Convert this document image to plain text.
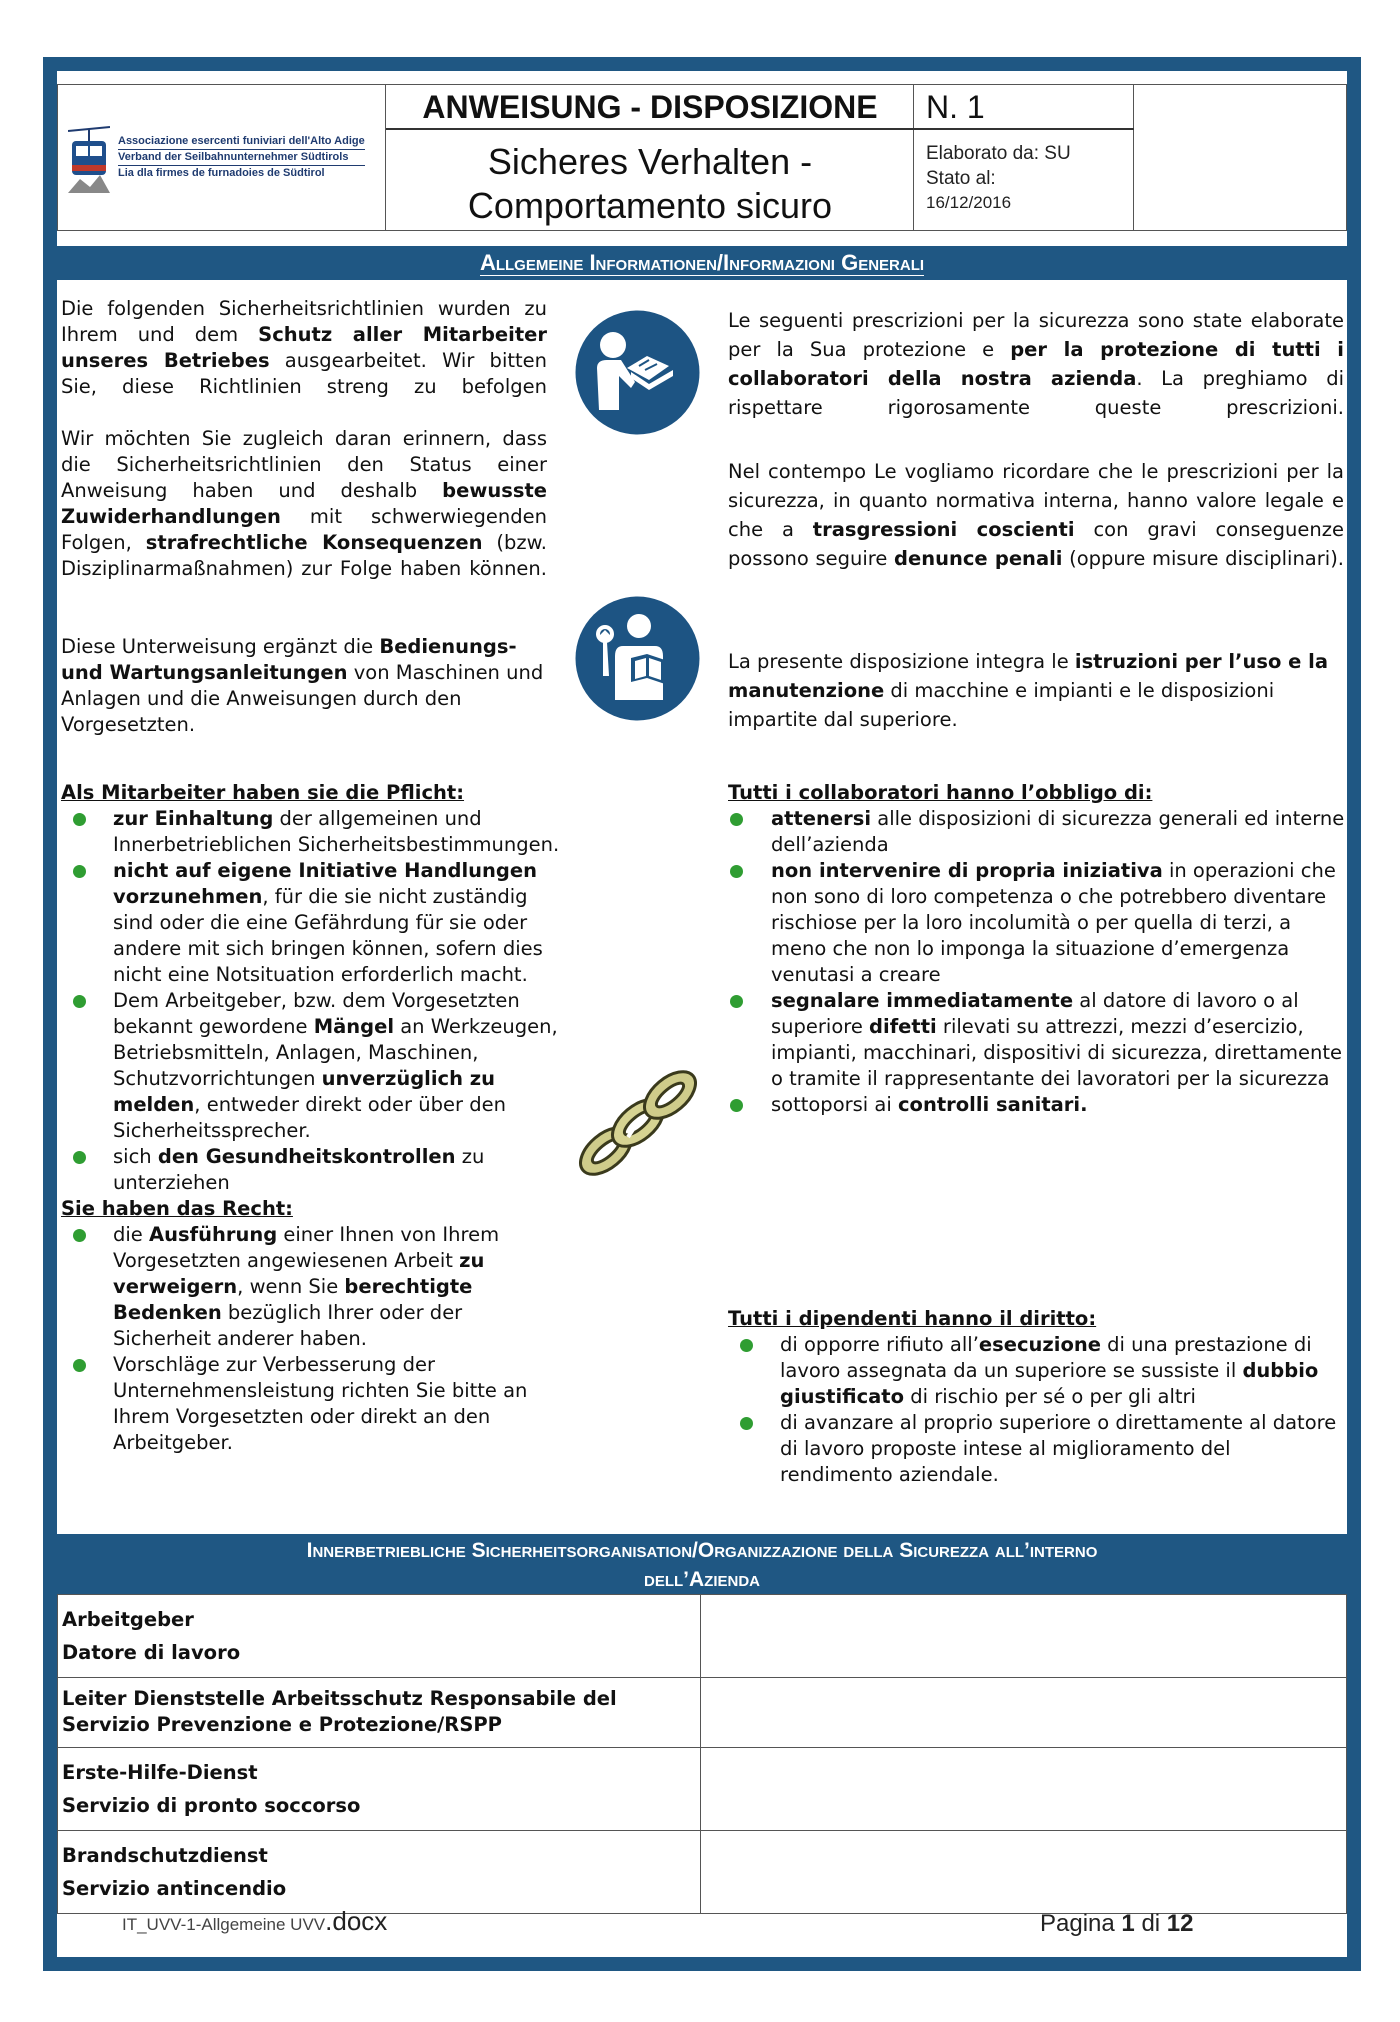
Associazione esercenti funiviari dell'Alto Adige
Verband der Seilbahnunternehmer Südtirols
Lia dla firmes de furnadoies de Südtirol
ANWEISUNG - DISPOSIZIONE
Sicheres Verhalten -
Comportamento sicuro
N. 1
Elaborato da: SU
Stato al:
16/12/2016
Allgemeine Informationen/Informazioni Generali
Die folgenden Sicherheitsrichtlinien wurden zu Ihrem und dem Schutz aller Mitarbeiter unseres Betriebes ausgearbeitet. Wir bitten Sie, diese Richtlinien streng zu befolgen
Wir möchten Sie zugleich daran erinnern, dass die Sicherheitsrichtlinien den Status einer Anweisung haben und deshalb bewusste Zuwiderhandlungen mit schwerwiegenden Folgen, strafrechtliche Konsequenzen (bzw. Disziplinarmaßnahmen) zur Folge haben können.
Diese Unterweisung ergänzt die Bedienungs- und Wartungsanleitungen von Maschinen und Anlagen und die Anweisungen durch den Vorgesetzten.
Le seguenti prescrizioni per la sicurezza sono state elaborate per la Sua protezione e per la protezione di tutti i collaboratori della nostra azienda. La preghiamo di rispettare rigorosamente queste prescrizioni.
Nel contempo Le vogliamo ricordare che le prescrizioni per la sicurezza, in quanto normativa interna, hanno valore legale e che a trasgressioni coscienti con gravi conseguenze possono seguire denunce penali (oppure misure disciplinari).
La presente disposizione integra le istruzioni per l’uso e la manutenzione di macchine e impianti e le disposizioni impartite dal superiore.
Als Mitarbeiter haben sie die Pflicht:
zur Einhaltung der allgemeinen und Innerbetrieblichen Sicherheitsbestimmungen.
nicht auf eigene Initiative Handlungen vorzunehmen, für die sie nicht zuständig sind oder die eine Gefährdung für sie oder andere mit sich bringen können, sofern dies nicht eine Notsituation erforderlich macht.
Dem Arbeitgeber, bzw. dem Vorgesetzten bekannt gewordene Mängel an Werkzeugen, Betriebsmitteln, Anlagen, Maschinen, Schutzvorrichtungen unverzüglich zu melden, entweder direkt oder über den Sicherheitssprecher.
sich den Gesundheitskontrollen zu unterziehen
Sie haben das Recht:
die Ausführung einer Ihnen von Ihrem Vorgesetzten angewiesenen Arbeit zu verweigern, wenn Sie berechtigte Bedenken bezüglich Ihrer oder der Sicherheit anderer haben.
Vorschläge zur Verbesserung der Unternehmensleistung richten Sie bitte an Ihrem Vorgesetzten oder direkt an den Arbeitgeber.
Tutti i collaboratori hanno l’obbligo di:
attenersi alle disposizioni di sicurezza generali ed interne dell’azienda
non intervenire di propria iniziativa in operazioni che non sono di loro competenza o che potrebbero diventare rischiose per la loro incolumità o per quella di terzi, a meno che non lo imponga la situazione d’emergenza venutasi a creare
segnalare immediatamente al datore di lavoro o al superiore difetti rilevati su attrezzi, mezzi d’esercizio, impianti, macchinari, dispositivi di sicurezza, direttamente o tramite il rappresentante dei lavoratori per la sicurezza
sottoporsi ai controlli sanitari.
Tutti i dipendenti hanno il diritto:
di opporre rifiuto all’esecuzione di una prestazione di lavoro assegnata da un superiore se sussiste il dubbio giustificato di rischio per sé o per gli altri
di avanzare al proprio superiore o direttamente al datore di lavoro proposte intese al miglioramento del rendimento aziendale.
Innerbetriebliche Sicherheitsorganisation/Organizzazione della Sicurezza all’interno
dell’Azienda
Arbeitgeber
Datore di lavoro	

Leiter Dienststelle Arbeitsschutz Responsabile del
Servizio Prevenzione e Protezione/RSPP	

Erste-Hilfe-Dienst
Servizio di pronto soccorso	

Brandschutzdienst
Servizio antincendio	

IT_UVV-1-Allgemeine UVV.docx	Pagina 1 di 12
